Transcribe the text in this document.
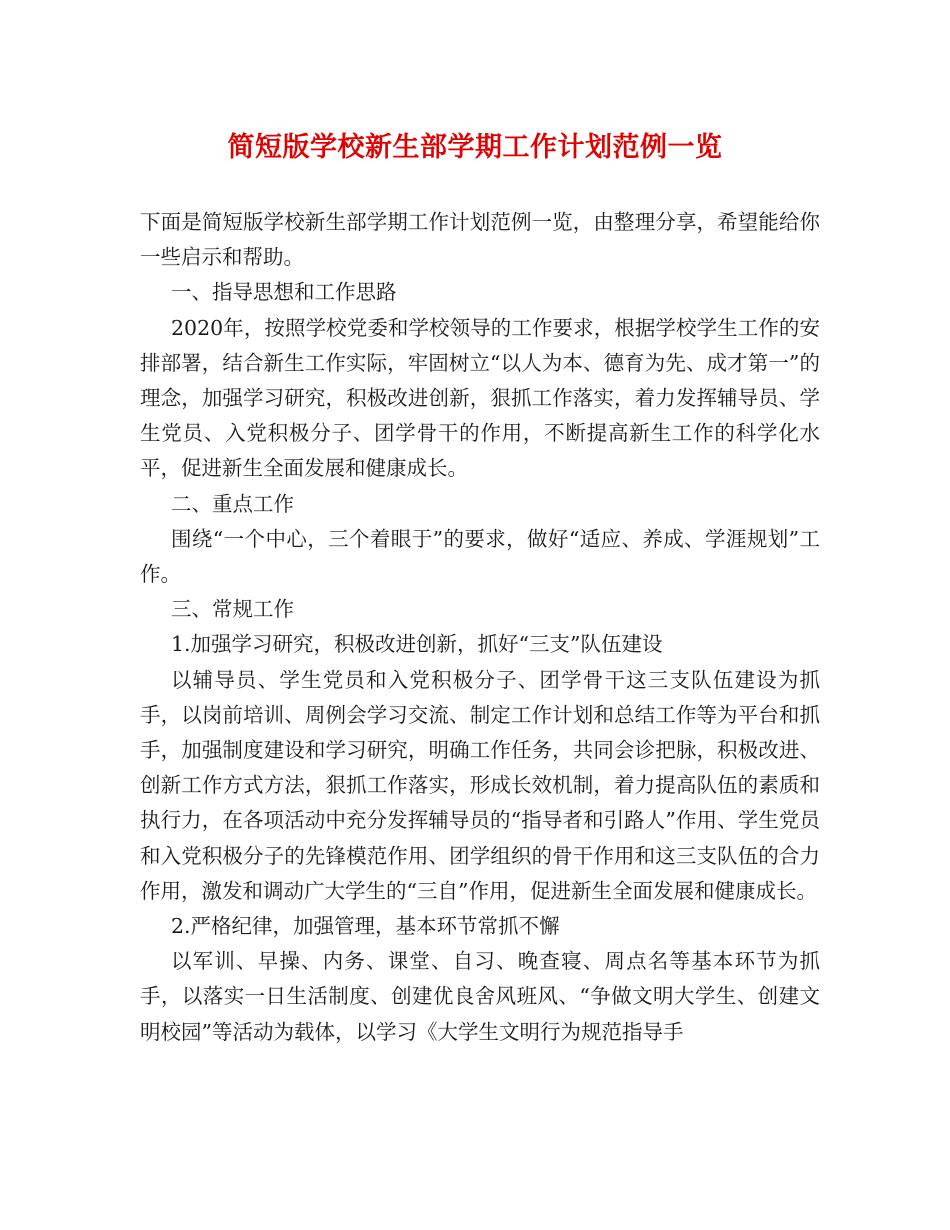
简短版学校新生部学期工作计划范例一览

下面是简短版学校新生部学期工作计划范例一览，由整理分享，希望能给你一些启示和帮助。

一、指导思想和工作思路

2020年，按照学校党委和学校领导的工作要求，根据学校学生工作的安排部署，结合新生工作实际，牢固树立“以人为本、德育为先、成才第一”的理念，加强学习研究，积极改进创新，狠抓工作落实，着力发挥辅导员、学生党员、入党积极分子、团学骨干的作用，不断提高新生工作的科学化水平，促进新生全面发展和健康成长。

二、重点工作

围绕“一个中心，三个着眼于”的要求，做好“适应、养成、学涯规划”工作。

三、常规工作

1.加强学习研究，积极改进创新，抓好“三支”队伍建设

以辅导员、学生党员和入党积极分子、团学骨干这三支队伍建设为抓手，以岗前培训、周例会学习交流、制定工作计划和总结工作等为平台和抓手，加强制度建设和学习研究，明确工作任务，共同会诊把脉，积极改进、创新工作方式方法，狠抓工作落实，形成长效机制，着力提高队伍的素质和执行力，在各项活动中充分发挥辅导员的“指导者和引路人”作用、学生党员和入党积极分子的先锋模范作用、团学组织的骨干作用和这三支队伍的合力作用，激发和调动广大学生的“三自”作用，促进新生全面发展和健康成长。

2.严格纪律，加强管理，基本环节常抓不懈

以军训、早操、内务、课堂、自习、晚查寝、周点名等基本环节为抓手，以落实一日生活制度、创建优良舍风班风、“争做文明大学生、创建文明校园”等活动为载体，以学习《大学生文明行为规范指导手
